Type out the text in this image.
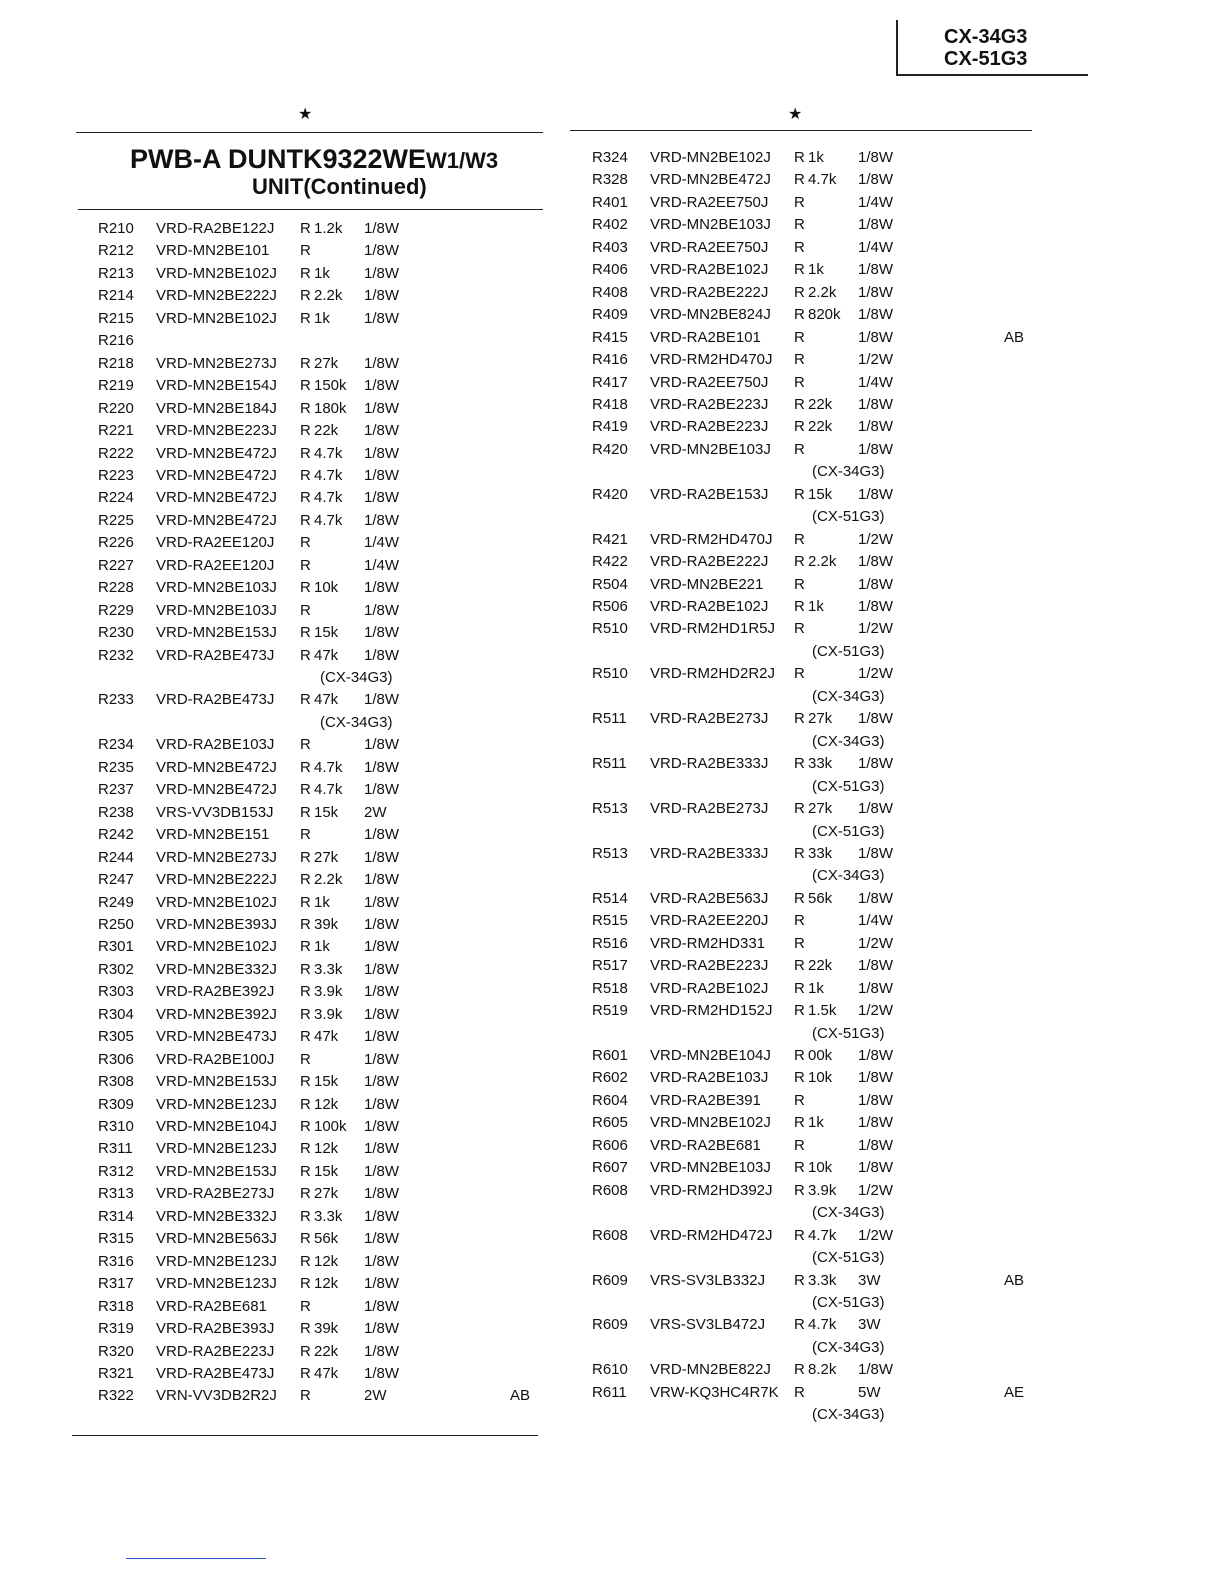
CX-34G3
CX-51G3
★	★
PWB-A DUNTK9322WEW1/W3
UNIT(Continued)
R210 VRD-RA2BE122J R 1.2k 1/8W
R212 VRD-MN2BE101 R	1/8W
R213 VRD-MN2BE102J R 1k 1/8W
R214 VRD-MN2BE222J R 2.2k 1/8W
R215 VRD-MN2BE102J R 1k 1/8W
R216
R218 VRD-MN2BE273J R 27k 1/8W
R219 VRD-MN2BE154J R 150k 1/8W
R220 VRD-MN2BE184J R 180k 1/8W
R221 VRD-MN2BE223J R 22k 1/8W
R222 VRD-MN2BE472J R 4.7k 1/8W
R223 VRD-MN2BE472J R 4.7k 1/8W
R224 VRD-MN2BE472J R 4.7k 1/8W
R225 VRD-MN2BE472J R 4.7k 1/8W
R226 VRD-RA2EE120J R	1/4W
R227 VRD-RA2EE120J R	1/4W
R228 VRD-MN2BE103J R 10k 1/8W
R229 VRD-MN2BE103J R	1/8W
R230 VRD-MN2BE153J R 15k 1/8W
R232 VRD-RA2BE473J R 47k 1/8W
(CX-34G3)
R233 VRD-RA2BE473J R 47k 1/8W
(CX-34G3)
R234 VRD-RA2BE103J R	1/8W
R235 VRD-MN2BE472J R 4.7k 1/8W
R237 VRD-MN2BE472J R 4.7k 1/8W
R238 VRS-VV3DB153J R 15k 2W
R242 VRD-MN2BE151 R	1/8W
R244 VRD-MN2BE273J R 27k 1/8W
R247 VRD-MN2BE222J R 2.2k 1/8W
R249 VRD-MN2BE102J R 1k 1/8W
R250 VRD-MN2BE393J R 39k 1/8W
R301 VRD-MN2BE102J R 1k 1/8W
R302 VRD-MN2BE332J R 3.3k 1/8W
R303 VRD-RA2BE392J R 3.9k 1/8W
R304 VRD-MN2BE392J R 3.9k 1/8W
R305 VRD-MN2BE473J R 47k 1/8W
R306 VRD-RA2BE100J R	1/8W
R308 VRD-MN2BE153J R 15k 1/8W
R309 VRD-MN2BE123J R 12k 1/8W
R310 VRD-MN2BE104J R 100k 1/8W
R311 VRD-MN2BE123J R 12k 1/8W
R312 VRD-MN2BE153J R 15k 1/8W
R313 VRD-RA2BE273J R 27k 1/8W
R314 VRD-MN2BE332J R 3.3k 1/8W
R315 VRD-MN2BE563J R 56k 1/8W
R316 VRD-MN2BE123J R 12k 1/8W
R317 VRD-MN2BE123J R 12k 1/8W
R318 VRD-RA2BE681 R	1/8W
R319 VRD-RA2BE393J R 39k 1/8W
R320 VRD-RA2BE223J R 22k 1/8W
R321 VRD-RA2BE473J R 47k 1/8W
R322 VRN-VV3DB2R2J R	2W	AB
R324 VRD-MN2BE102J R 1k 1/8W
R328 VRD-MN2BE472J R 4.7k 1/8W
R401 VRD-RA2EE750J R	1/4W
R402 VRD-MN2BE103J R	1/8W
R403 VRD-RA2EE750J R	1/4W
R406 VRD-RA2BE102J R 1k 1/8W
R408 VRD-RA2BE222J R 2.2k 1/8W
R409 VRD-MN2BE824J R 820k 1/8W
R415 VRD-RA2BE101 R	1/8W	AB
R416 VRD-RM2HD470J R	1/2W
R417 VRD-RA2EE750J R	1/4W
R418 VRD-RA2BE223J R 22k 1/8W
R419 VRD-RA2BE223J R 22k 1/8W
R420 VRD-MN2BE103J R	1/8W
(CX-34G3)
R420 VRD-RA2BE153J R 15k 1/8W
(CX-51G3)
R421 VRD-RM2HD470J R	1/2W
R422 VRD-RA2BE222J R 2.2k 1/8W
R504 VRD-MN2BE221 R	1/8W
R506 VRD-RA2BE102J R 1k 1/8W
R510 VRD-RM2HD1R5J R	1/2W
(CX-51G3)
R510 VRD-RM2HD2R2J R	1/2W
(CX-34G3)
R511 VRD-RA2BE273J R 27k 1/8W
(CX-34G3)
R511 VRD-RA2BE333J R 33k 1/8W
(CX-51G3)
R513 VRD-RA2BE273J R 27k 1/8W
(CX-51G3)
R513 VRD-RA2BE333J R 33k 1/8W
(CX-34G3)
R514 VRD-RA2BE563J R 56k 1/8W
R515 VRD-RA2EE220J R	1/4W
R516 VRD-RM2HD331 R	1/2W
R517 VRD-RA2BE223J R 22k 1/8W
R518 VRD-RA2BE102J R 1k 1/8W
R519 VRD-RM2HD152J R 1.5k 1/2W
(CX-51G3)
R601 VRD-MN2BE104J R 00k 1/8W
R602 VRD-RA2BE103J R 10k 1/8W
R604 VRD-RA2BE391 R	1/8W
R605 VRD-MN2BE102J R 1k 1/8W
R606 VRD-RA2BE681 R	1/8W
R607 VRD-MN2BE103J R 10k 1/8W
R608 VRD-RM2HD392J R 3.9k 1/2W
(CX-34G3)
R608 VRD-RM2HD472J R 4.7k 1/2W
(CX-51G3)
R609 VRS-SV3LB332J R 3.3k 3W	AB
(CX-51G3)
R609 VRS-SV3LB472J R 4.7k 3W
(CX-34G3)
R610 VRD-MN2BE822J R 8.2k 1/8W
R611 VRW-KQ3HC4R7K R	5W	AE
(CX-34G3)
